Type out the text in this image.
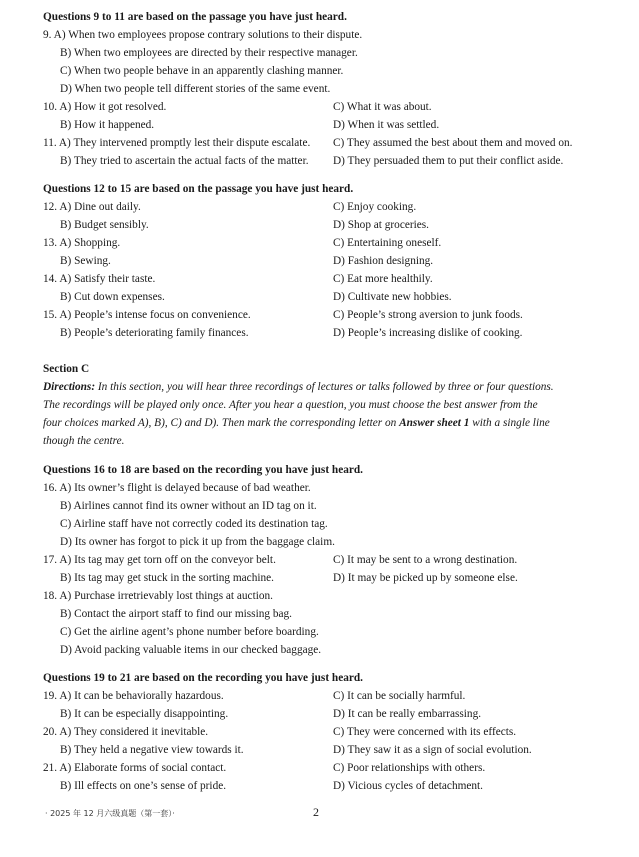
Questions 9 to 11 are based on the passage you have just heard.
9. A) When two employees propose contrary solutions to their dispute.
B) When two employees are directed by their respective manager.
C) When two people behave in an apparently clashing manner.
D) When two people tell different stories of the same event.
10. A) How it got resolved.	C) What it was about.
B) How it happened.	D) When it was settled.
11. A) They intervened promptly lest their dispute escalate. C) They assumed the best about them and moved on.
B) They tried to ascertain the actual facts of the matter. D) They persuaded them to put their conflict aside.
Questions 12 to 15 are based on the passage you have just heard.
12. A) Dine out daily.	C) Enjoy cooking.
B) Budget sensibly.	D) Shop at groceries.
13. A) Shopping.	C) Entertaining oneself.
B) Sewing.	D) Fashion designing.
14. A) Satisfy their taste.	C) Eat more healthily.
B) Cut down expenses.	D) Cultivate new hobbies.
15. A) People’s intense focus on convenience.	C) People’s strong aversion to junk foods.
B) People’s deteriorating family finances.	D) People’s increasing dislike of cooking.
Section C
Directions: In this section, you will hear three recordings of lectures or talks followed by three or four questions.
The recordings will be played only once. After you hear a question, you must choose the best answer from the
four choices marked A), B), C) and D). Then mark the corresponding letter on Answer sheet 1 with a single line
though the centre.
Questions 16 to 18 are based on the recording you have just heard.
16. A) Its owner’s flight is delayed because of bad weather.
B) Airlines cannot find its owner without an ID tag on it.
C) Airline staff have not correctly coded its destination tag.
D) Its owner has forgot to pick it up from the baggage claim.
17. A) Its tag may get torn off on the conveyor belt.	C) It may be sent to a wrong destination.
B) Its tag may get stuck in the sorting machine.	D) It may be picked up by someone else.
18. A) Purchase irretrievably lost things at auction.
B) Contact the airport staff to find our missing bag.
C) Get the airline agent’s phone number before boarding.
D) Avoid packing valuable items in our checked baggage.
Questions 19 to 21 are based on the recording you have just heard.
19. A) It can be behaviorally hazardous.	C) It can be socially harmful.
B) It can be especially disappointing.	D) It can be really embarrassing.
20. A) They considered it inevitable.	C) They were concerned with its effects.
B) They held a negative view towards it.	D) They saw it as a sign of social evolution.
21. A) Elaborate forms of social contact.	C) Poor relationships with others.
B) Ill effects on one’s sense of pride.	D) Vicious cycles of detachment.
· 2025 年 12 月六级真题（第一套）·	2
